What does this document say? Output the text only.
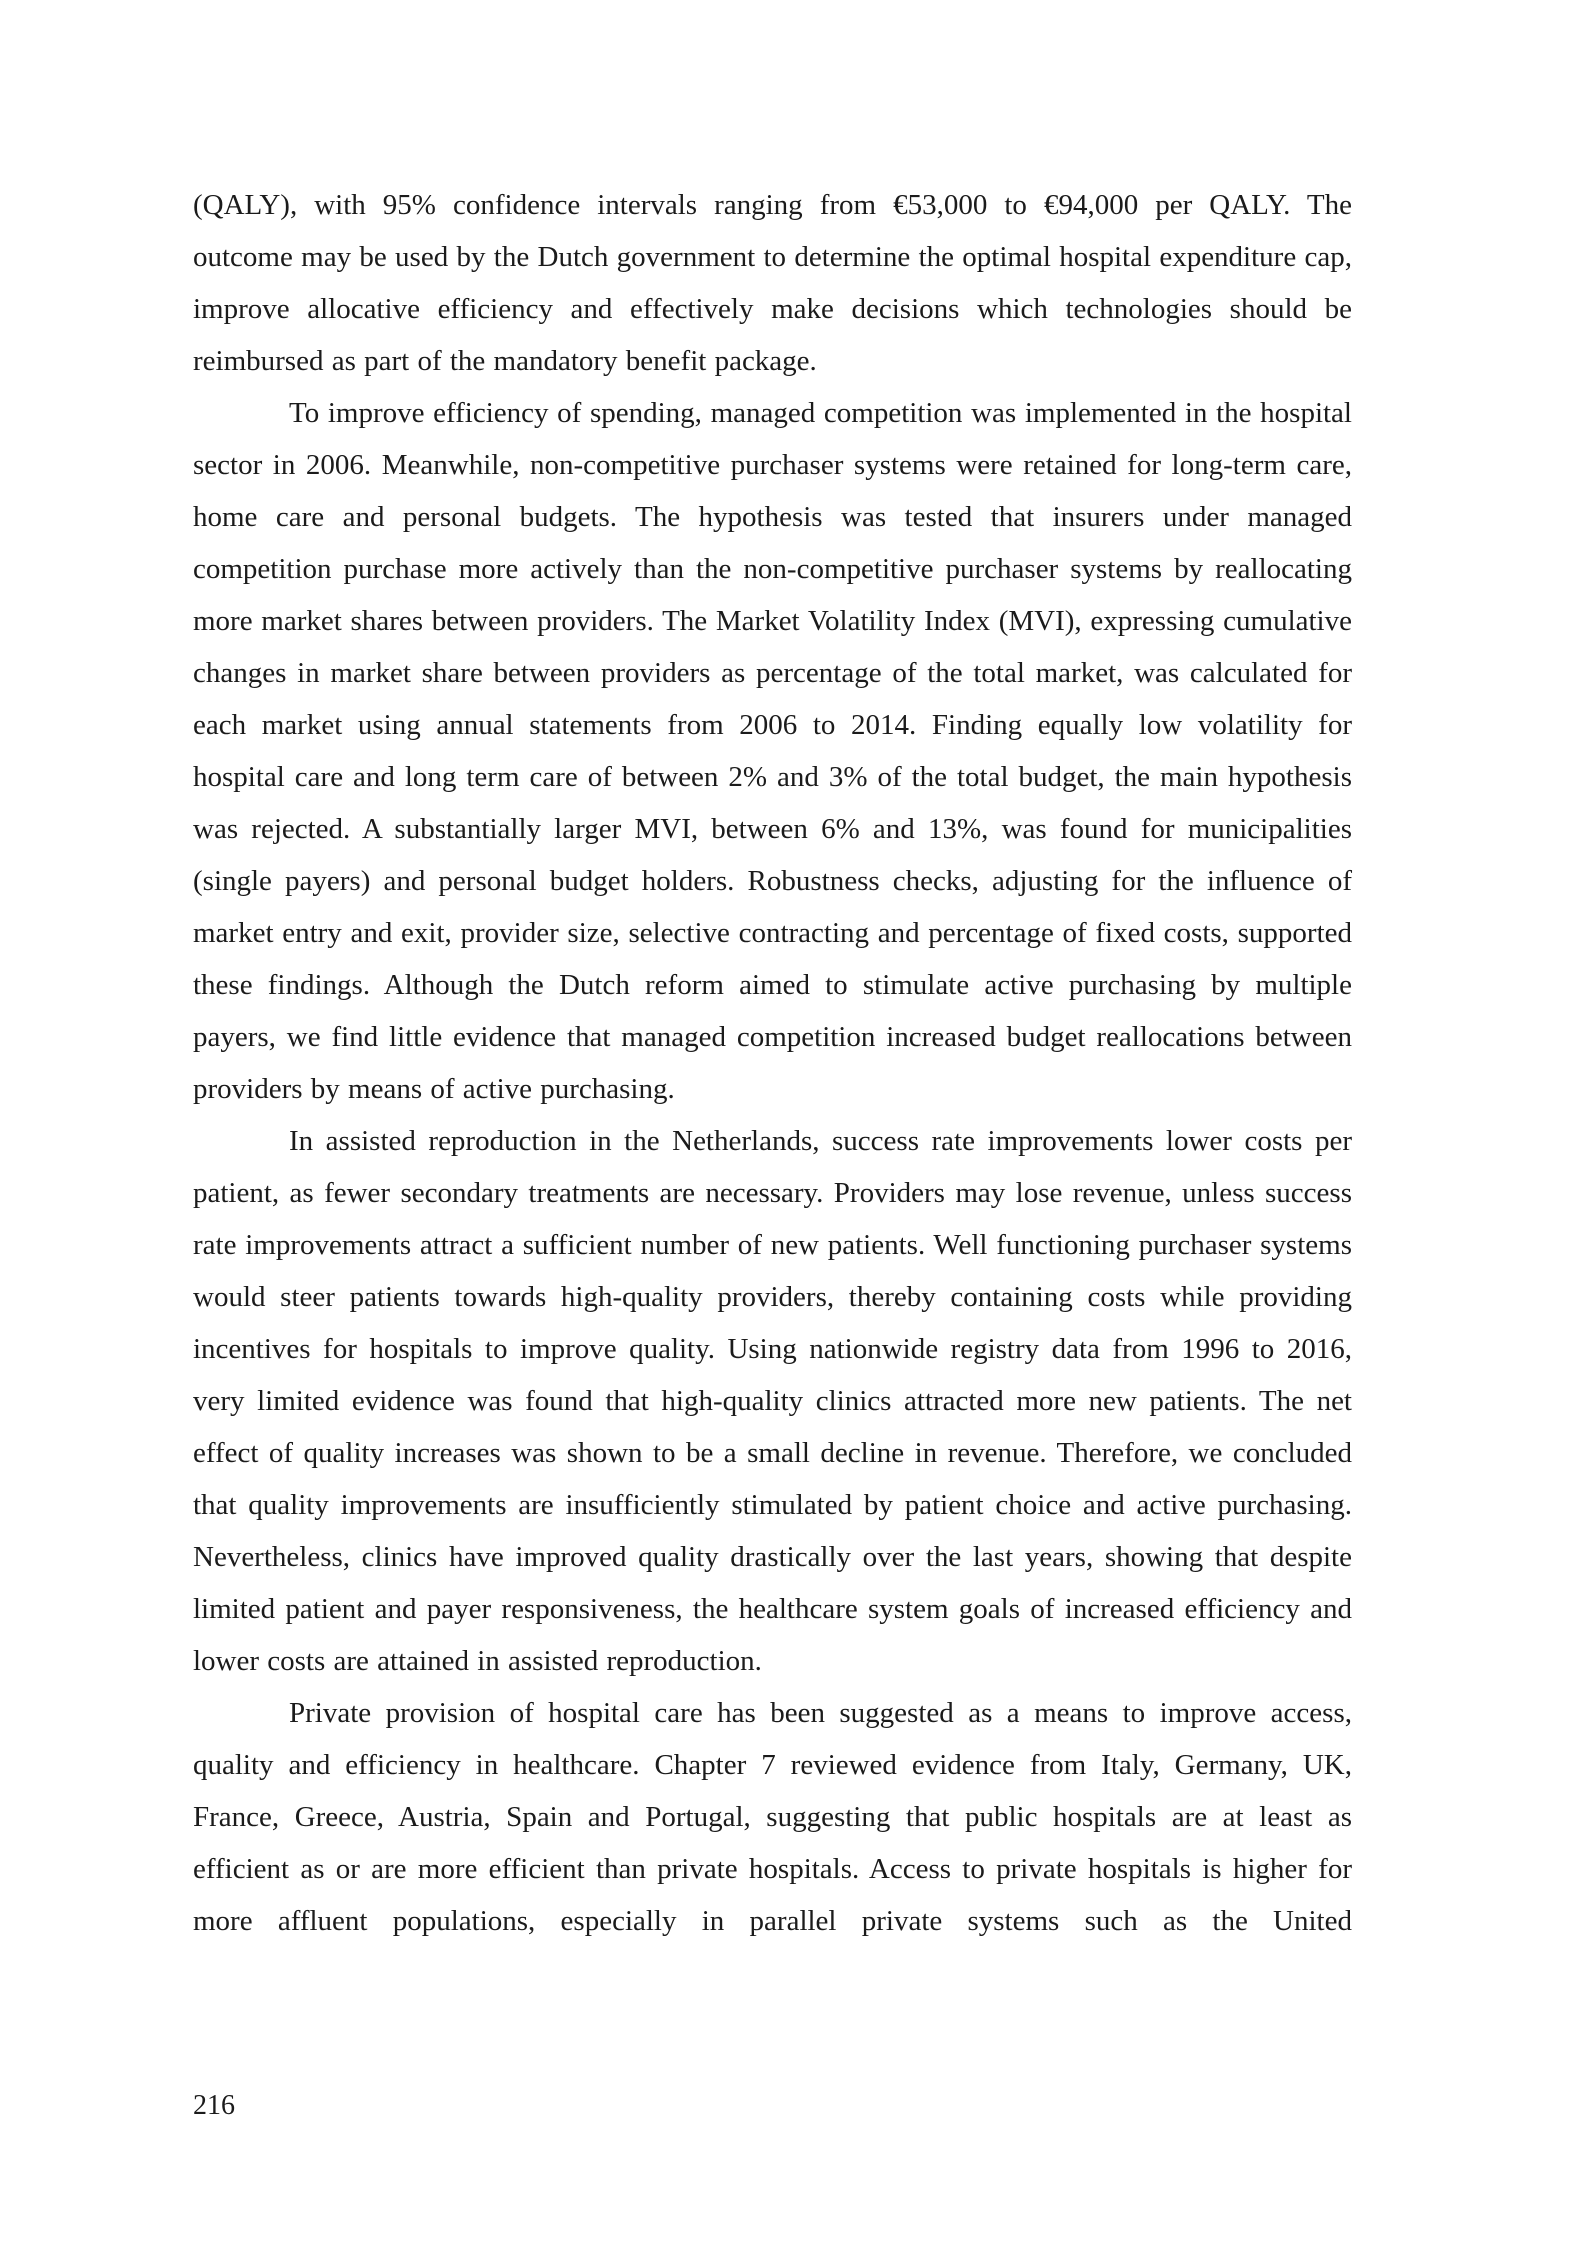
(QALY), with 95% confidence intervals ranging from €53,000 to €94,000 per QALY. The outcome may be used by the Dutch government to determine the optimal hospital expenditure cap, improve allocative efficiency and effectively make decisions which technologies should be reimbursed as part of the mandatory benefit package.

To improve efficiency of spending, managed competition was implemented in the hospital sector in 2006. Meanwhile, non-competitive purchaser systems were retained for long-term care, home care and personal budgets. The hypothesis was tested that insurers under managed competition purchase more actively than the non-competitive purchaser systems by reallocating more market shares between providers. The Market Volatility Index (MVI), expressing cumulative changes in market share between providers as percentage of the total market, was calculated for each market using annual statements from 2006 to 2014. Finding equally low volatility for hospital care and long term care of between 2% and 3% of the total budget, the main hypothesis was rejected. A substantially larger MVI, between 6% and 13%, was found for municipalities (single payers) and personal budget holders. Robustness checks, adjusting for the influence of market entry and exit, provider size, selective contracting and percentage of fixed costs, supported these findings. Although the Dutch reform aimed to stimulate active purchasing by multiple payers, we find little evidence that managed competition increased budget reallocations between providers by means of active purchasing.

In assisted reproduction in the Netherlands, success rate improvements lower costs per patient, as fewer secondary treatments are necessary. Providers may lose revenue, unless success rate improvements attract a sufficient number of new patients. Well functioning purchaser systems would steer patients towards high-quality providers, thereby containing costs while providing incentives for hospitals to improve quality. Using nationwide registry data from 1996 to 2016, very limited evidence was found that high-quality clinics attracted more new patients. The net effect of quality increases was shown to be a small decline in revenue. Therefore, we concluded that quality improvements are insufficiently stimulated by patient choice and active purchasing. Nevertheless, clinics have improved quality drastically over the last years, showing that despite limited patient and payer responsiveness, the healthcare system goals of increased efficiency and lower costs are attained in assisted reproduction.

Private provision of hospital care has been suggested as a means to improve access, quality and efficiency in healthcare. Chapter 7 reviewed evidence from Italy, Germany, UK, France, Greece, Austria, Spain and Portugal, suggesting that public hospitals are at least as efficient as or are more efficient than private hospitals. Access to private hospitals is higher for more affluent populations, especially in parallel private systems such as the United

216
